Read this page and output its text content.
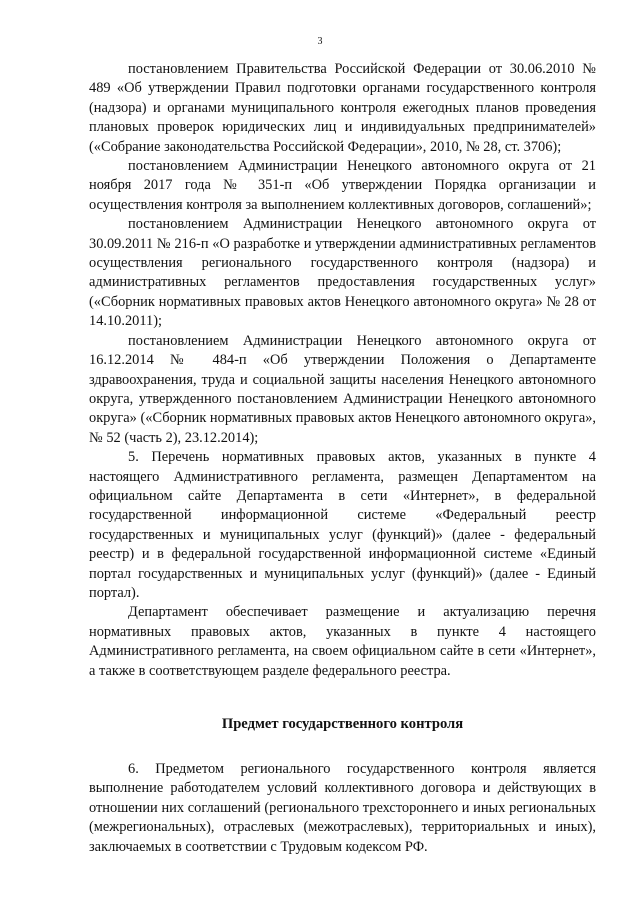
3

постановлением Правительства Российской Федерации от 30.06.2010 № 489 «Об утверждении Правил подготовки органами государственного контроля (надзора) и органами муниципального контроля ежегодных планов проведения плановых проверок юридических лиц и индивидуальных предпринимателей» («Собрание законодательства Российской Федерации», 2010, № 28, ст. 3706);

постановлением Администрации Ненецкого автономного округа от 21 ноября 2017 года № 351-п «Об утверждении Порядка организации и осуществления контроля за выполнением коллективных договоров, соглашений»;

постановлением Администрации Ненецкого автономного округа от 30.09.2011 № 216-п «О разработке и утверждении административных регламентов осуществления регионального государственного контроля (надзора) и административных регламентов предоставления государственных услуг» («Сборник нормативных правовых актов Ненецкого автономного округа» № 28 от 14.10.2011);

постановлением Администрации Ненецкого автономного округа от 16.12.2014 № 484-п «Об утверждении Положения о Департаменте здравоохранения, труда и социальной защиты населения Ненецкого автономного округа, утвержденного постановлением Администрации Ненецкого автономного округа» («Сборник нормативных правовых актов Ненецкого автономного округа», № 52 (часть 2), 23.12.2014);

5. Перечень нормативных правовых актов, указанных в пункте 4 настоящего Административного регламента, размещен Департаментом на официальном сайте Департамента в сети «Интернет», в федеральной государственной информационной системе «Федеральный реестр государственных и муниципальных услуг (функций)» (далее - федеральный реестр) и в федеральной государственной информационной системе «Единый портал государственных и муниципальных услуг (функций)» (далее - Единый портал).

Департамент обеспечивает размещение и актуализацию перечня нормативных правовых актов, указанных в пункте 4 настоящего Административного регламента, на своем официальном сайте в сети «Интернет», а также в соответствующем разделе федерального реестра.

Предмет государственного контроля

6. Предметом регионального государственного контроля является выполнение работодателем условий коллективного договора и действующих в отношении них соглашений (регионального трехстороннего и иных региональных (межрегиональных), отраслевых (межотраслевых), территориальных и иных), заключаемых в соответствии с Трудовым кодексом РФ.
